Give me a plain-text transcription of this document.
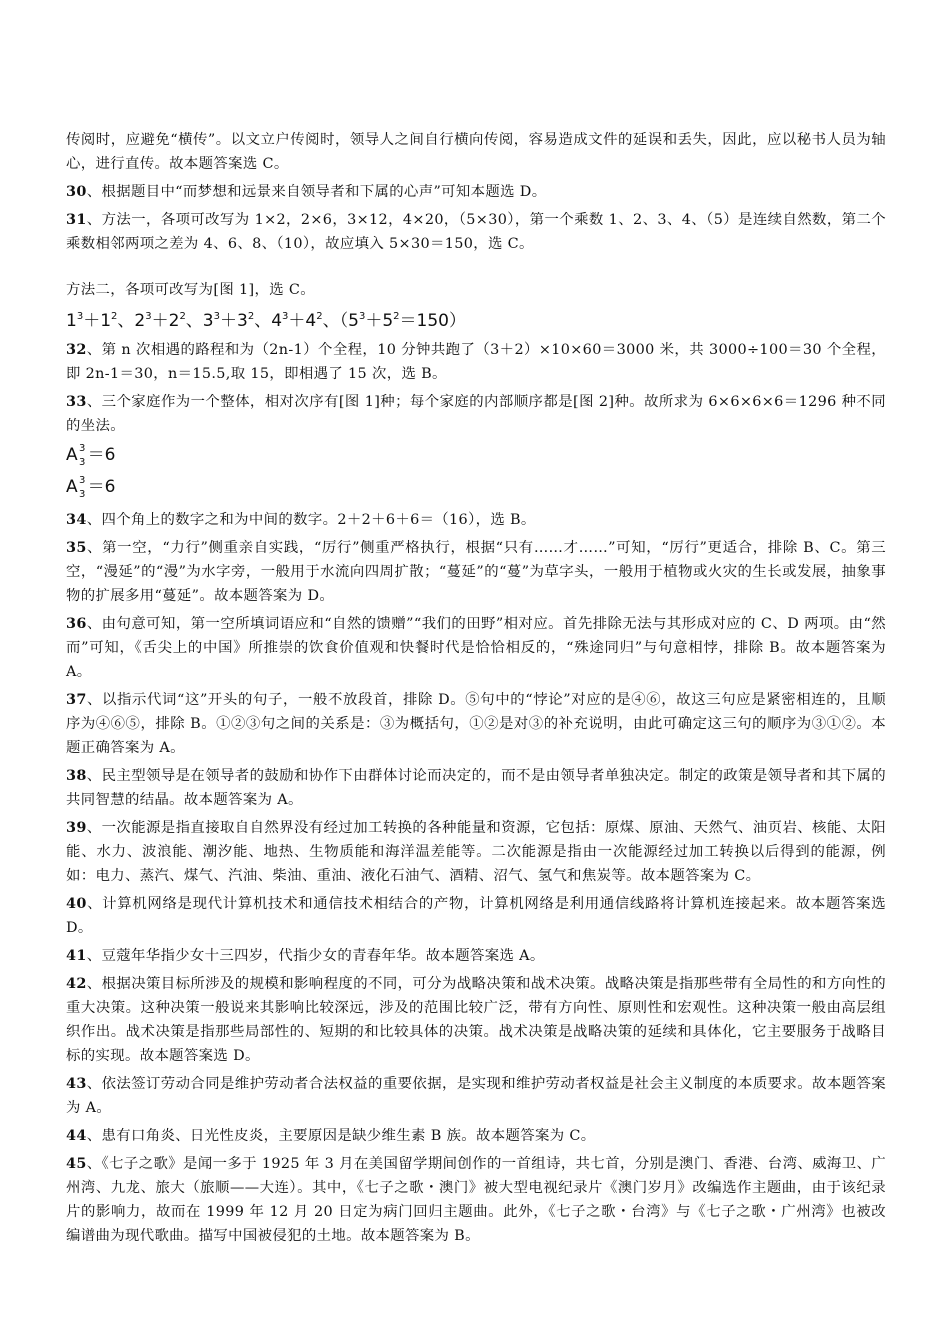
传阅时，应避免“横传”。以文立户传阅时，领导人之间自行横向传阅，容易造成文件的延误和丢失，因此，应以秘书人员为轴心，进行直传。故本题答案选 C。

30、根据题目中“而梦想和远景来自领导者和下属的心声”可知本题选 D。

31、方法一，各项可改写为 1×2，2×6，3×12，4×20，（5×30），第一个乘数 1、2、3、4、（5）是连续自然数，第二个乘数相邻两项之差为 4、6、8、（10），故应填入 5×30＝150，选 C。

方法二，各项可改写为[图 1]，选 C。

$1^3+1^2$、$2^3+2^2$、$3^3+3^2$、$4^3+4^2$、$(5^3+5^2=150)$

32、第 n 次相遇的路程和为（2n-1）个全程，10 分钟共跑了（3＋2）×10×60＝3000 米，共 3000÷100＝30 个全程，即 2n-1＝30，n＝15.5,取 15，即相遇了 15 次，选 B。

33、三个家庭作为一个整体，相对次序有[图 1]种；每个家庭的内部顺序都是[图 2]种。故所求为 6×6×6×6＝1296 种不同的坐法。

A 3
3 ＝6
A 3
3 ＝6

34、四个角上的数字之和为中间的数字。2＋2＋6＋6＝（16），选 B。

35、第一空，“力行”侧重亲自实践，“厉行”侧重严格执行，根据“只有……才……”可知，“厉行”更适合，排除 B、C。第三空，“漫延”的“漫”为水字旁，一般用于水流向四周扩散；“蔓延”的“蔓”为草字头，一般用于植物或火灾的生长或发展，抽象事物的扩展多用“蔓延”。故本题答案为 D。

36、由句意可知，第一空所填词语应和“自然的馈赠”“我们的田野”相对应。首先排除无法与其形成对应的 C、D 两项。由“然而”可知，《舌尖上的中国》所推崇的饮食价值观和快餐时代是恰恰相反的，“殊途同归”与句意相悖，排除 B。故本题答案为 A。

37、以指示代词“这”开头的句子，一般不放段首，排除 D。⑤句中的“悖论”对应的是④⑥，故这三句应是紧密相连的，且顺序为④⑥⑤，排除 B。①②③句之间的关系是：③为概括句，①②是对③的补充说明，由此可确定这三句的顺序为③①②。本题正确答案为 A。

38、民主型领导是在领导者的鼓励和协作下由群体讨论而决定的，而不是由领导者单独决定。制定的政策是领导者和其下属的共同智慧的结晶。故本题答案为 A。

39、一次能源是指直接取自自然界没有经过加工转换的各种能量和资源，它包括：原煤、原油、天然气、油页岩、核能、太阳能、水力、波浪能、潮汐能、地热、生物质能和海洋温差能等。二次能源是指由一次能源经过加工转换以后得到的能源，例如：电力、蒸汽、煤气、汽油、柴油、重油、液化石油气、酒精、沼气、氢气和焦炭等。故本题答案为 C。

40、计算机网络是现代计算机技术和通信技术相结合的产物，计算机网络是利用通信线路将计算机连接起来。故本题答案选 D。

41、豆蔻年华指少女十三四岁，代指少女的青春年华。故本题答案选 A。

42、根据决策目标所涉及的规模和影响程度的不同，可分为战略决策和战术决策。战略决策是指那些带有全局性的和方向性的重大决策。这种决策一般说来其影响比较深远，涉及的范围比较广泛，带有方向性、原则性和宏观性。这种决策一般由高层组织作出。战术决策是指那些局部性的、短期的和比较具体的决策。战术决策是战略决策的延续和具体化，它主要服务于战略目标的实现。故本题答案选 D。

43、依法签订劳动合同是维护劳动者合法权益的重要依据，是实现和维护劳动者权益是社会主义制度的本质要求。故本题答案为 A。

44、患有口角炎、日光性皮炎，主要原因是缺少维生素 B 族。故本题答案为 C。

45、《七子之歌》是闻一多于 1925 年 3 月在美国留学期间创作的一首组诗，共七首，分别是澳门、香港、台湾、威海卫、广州湾、九龙、旅大（旅顺——大连）。其中，《七子之歌・澳门》被大型电视纪录片《澳门岁月》改编选作主题曲，由于该纪录片的影响力，故而在 1999 年 12 月 20 日定为病门回归主题曲。此外，《七子之歌・台湾》与《七子之歌・广州湾》也被改编谱曲为现代歌曲。描写中国被侵犯的土地。故本题答案为 B。
